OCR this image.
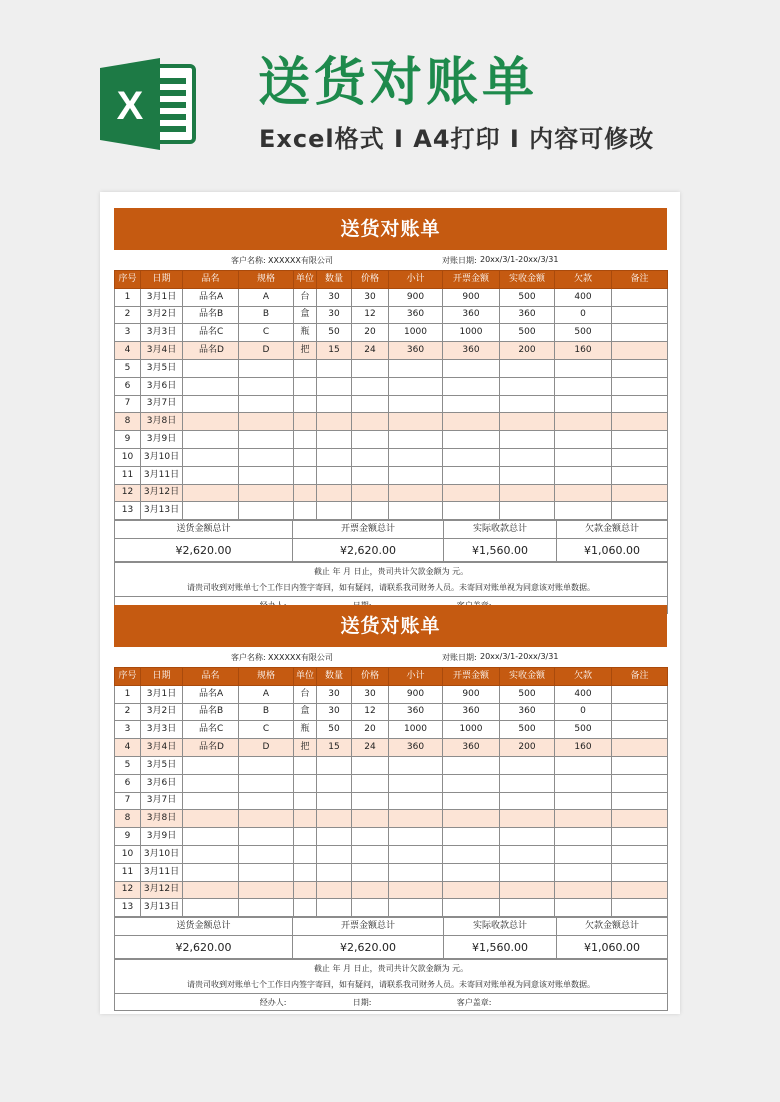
X 送货对账单
Excel格式 I A4打印 I 内容可修改
送货对账单
客户名称: XXXXXX有限公司	对账日期: 20xx/3/1-20xx/3/31
序号	日期	品名	规格	单位	数量	价格	小计	开票金额	实收金额	欠款	备注
1	3月1日	品名A	A	台	30	30	900	900	500	400	
2	3月2日	品名B	B	盒	30	12	360	360	360	0	
3	3月3日	品名C	C	瓶	50	20	1000	1000	500	500	
4	3月4日	品名D	D	把	15	24	360	360	200	160	
5	3月5日										
6	3月6日										
7	3月7日										
8	3月8日										
9	3月9日										
10	3月10日										
11	3月11日										
12	3月12日										
13	3月13日										
送货金额总计	开票金额总计	实际收款总计	欠款金额总计
¥2,620.00	¥2,620.00	¥1,560.00	¥1,060.00
截止 年 月 日止，贵司共计欠款金额为 元。
请贵司收到对账单七个工作日内签字寄回，如有疑问，请联系我司财务人员。未寄回对账单视为同意该对账单数据。

送货对账单
客户名称: XXXXXX有限公司	对账日期: 20xx/3/1-20xx/3/31
序号	日期	品名	规格	单位	数量	价格	小计	开票金额	实收金额	欠款	备注
1	3月1日	品名A	A	台	30	30	900	900	500	400	
2	3月2日	品名B	B	盒	30	12	360	360	360	0	
3	3月3日	品名C	C	瓶	50	20	1000	1000	500	500	
4	3月4日	品名D	D	把	15	24	360	360	200	160	
5	3月5日										
6	3月6日										
7	3月7日										
8	3月8日										
9	3月9日										
10	3月10日										
11	3月11日										
12	3月12日										
13	3月13日										
送货金额总计	开票金额总计	实际收款总计	欠款金额总计
¥2,620.00	¥2,620.00	¥1,560.00	¥1,060.00
截止 年 月 日止，贵司共计欠款金额为 元。
请贵司收到对账单七个工作日内签字寄回，如有疑问，请联系我司财务人员。未寄回对账单视为同意该对账单数据。
经办人:	日期:	客户盖章:	
